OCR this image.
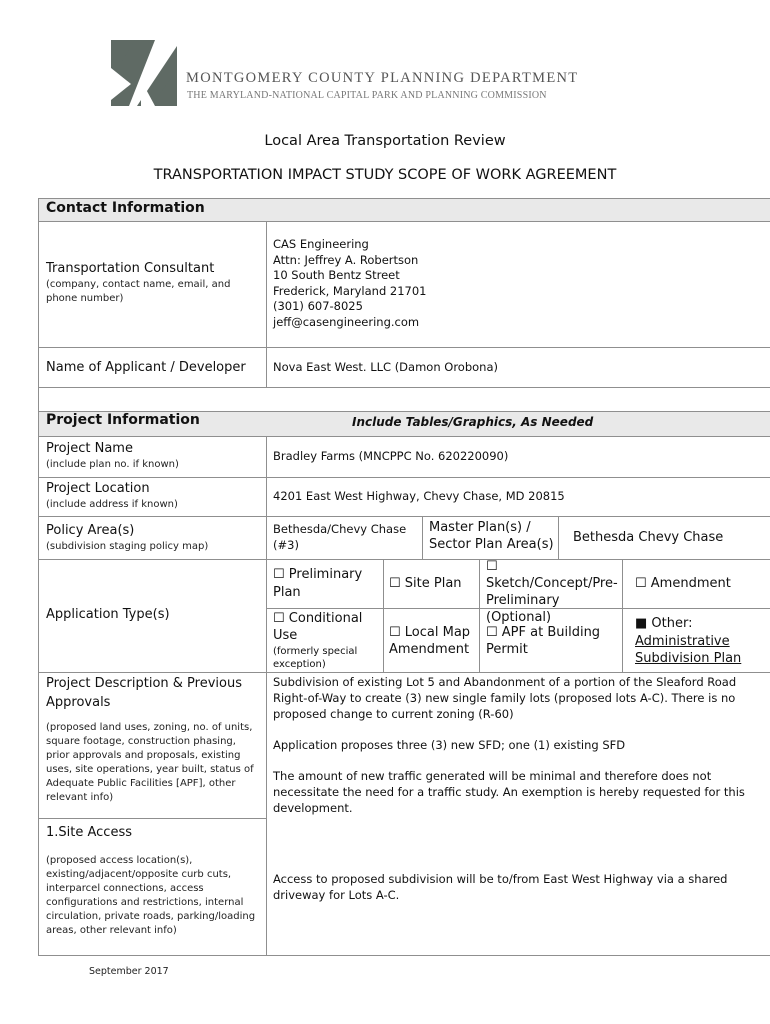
MONTGOMERY COUNTY PLANNING DEPARTMENT
THE MARYLAND-NATIONAL CAPITAL PARK AND PLANNING COMMISSION
Local Area Transportation Review
TRANSPORTATION IMPACT STUDY SCOPE OF WORK AGREEMENT
Contact Information
Transportation Consultant
(company, contact name, email, and phone number)
CAS Engineering
Attn: Jeffrey A. Robertson
10 South Bentz Street
Frederick, Maryland 21701
(301) 607-8025
jeff@casengineering.com
Name of Applicant / Developer Nova East West. LLC (Damon Orobona)
Project Information	Include Tables/Graphics, As Needed
Project Name
(include plan no. if known)
Bradley Farms (MNCPPC No. 620220090)
Project Location
(include address if known)
4201 East West Highway, Chevy Chase, MD 20815
Policy Area(s)
(subdivision staging policy map)
Bethesda/Chevy Chase (#3)
Master Plan(s) / Sector Plan Area(s) Bethesda Chevy Chase
Application Type(s)
☐ Preliminary Plan
☐ Site Plan
☐
Sketch/Concept/Pre-Preliminary (Optional)
☐ Amendment
☐ Conditional Use
(formerly special exception)
☐ Local Map Amendment
☐ APF at Building Permit
■ Other:
Administrative Subdivision Plan
Project Description & Previous Approvals
(proposed land uses, zoning, no. of units, square footage, construction phasing, prior approvals and proposals, existing uses, site operations, year built, status of Adequate Public Facilities [APF], other relevant info)
Subdivision of existing Lot 5 and Abandonment of a portion of the Sleaford Road Right-of-Way to create (3) new single family lots (proposed lots A-C). There is no proposed change to current zoning (R-60)
Application proposes three (3) new SFD; one (1) existing SFD
The amount of new traffic generated will be minimal and therefore does not necessitate the need for a traffic study. An exemption is hereby requested for this development.
1.Site Access
(proposed access location(s), existing/adjacent/opposite curb cuts, interparcel connections, access configurations and restrictions, internal circulation, private roads, parking/loading areas, other relevant info)
Access to proposed subdivision will be to/from East West Highway via a shared driveway for Lots A-C.
September 2017
